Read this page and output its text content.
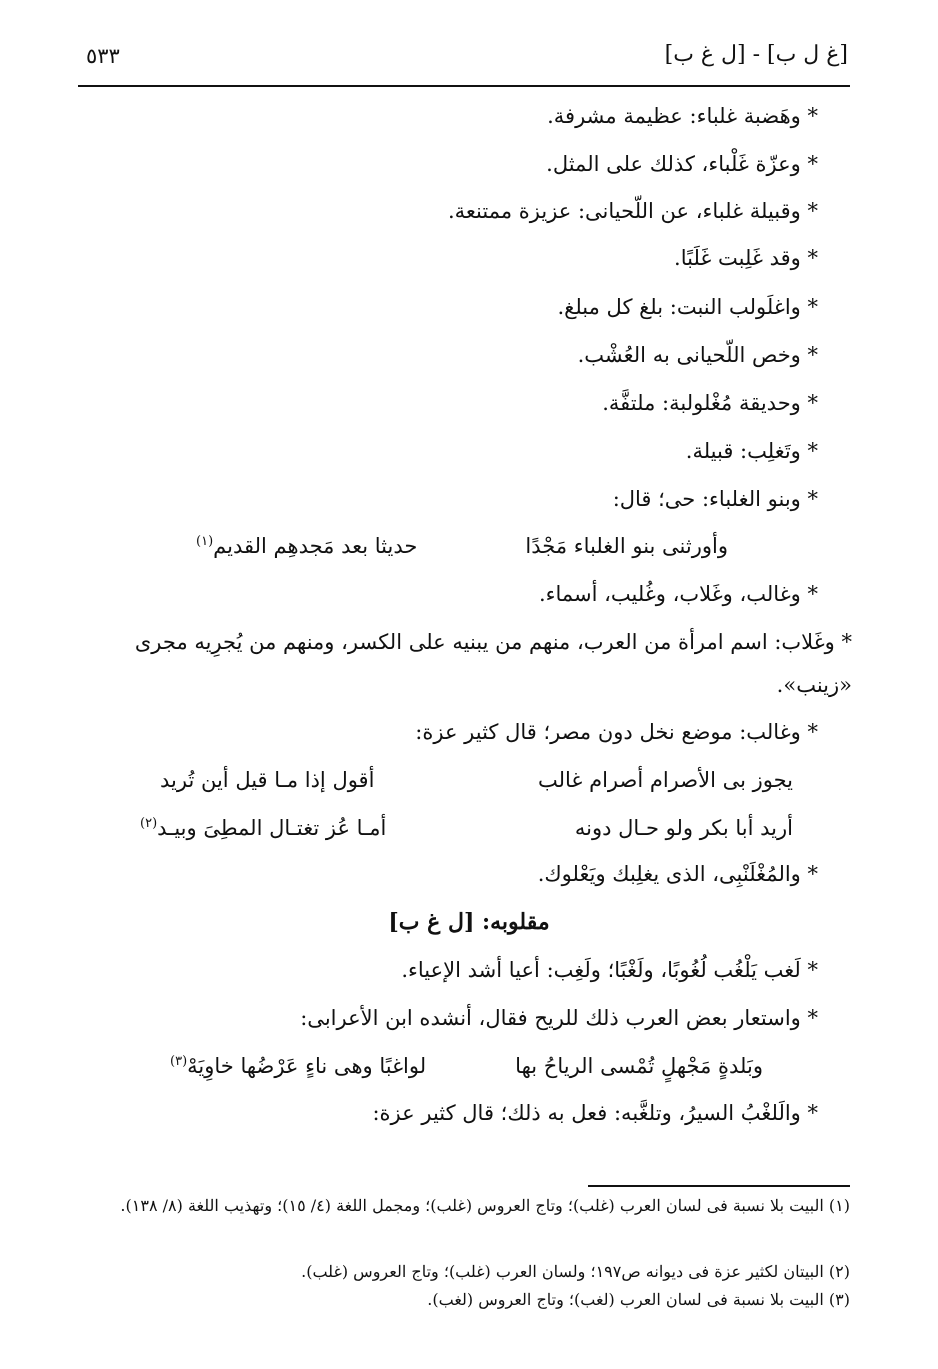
٥٣٣	[غ ل ب] - [ل غ ب]
* وهَضبة غلباء: عظيمة مشرفة.
* وعزّة غَلْباء، كذلك على المثل.
* وقبيلة غلباء، عن اللّحيانى: عزيزة ممتنعة.
* وقد غَلِبت غَلَبًا.
* واغلَولب النبت: بلغ كل مبلغ.
* وخص اللّحيانى به العُشْب.
* وحديقة مُغْلولبة: ملتفَّة.
* وتَغلِب: قبيلة.
* وبنو الغلباء: حى؛ قال:
وأورثنى بنو الغلباء مَجْدًا
حديثا بعد مَجدهِم القديم$^{(١)}$
* وغالب، وغَلاب، وغُليب، أسماء.
* وغَلاب: اسم امرأة من العرب، منهم من يبنيه على الكسر، ومنهم من يُجرِيه مجرى
«زينب».
* وغالب: موضع نخل دون مصر؛ قال كثير عزة:
يجوز بى الأصرام أصرام غالب
أقول إذا مـا قيل أين تُريد
أريد أبا بكر ولو حـال دونه
أمـا عُز تغتـال المطِىَ وبيـد$^{(٢)}$
* والمُغْلَنْبِى، الذى يغلِبك ويَعْلوك.
مقلوبه: [ل غ ب]
* لَغب يَلْغُب لُغُوبًا، ولَغْبًا؛ ولَغِب: أعيا أشد الإعياء.
* واستعار بعض العرب ذلك للريح فقال، أنشده ابن الأعرابى:
وبَلدةٍ مَجْهلٍ تُمْسى الرياحُ بها
لواغبًا وهى ناءٍ عَرْضُها خاوِيَهْ$^{(٣)}$
* والَلغْبُ السيرُ، وتلغَّبه: فعل به ذلك؛ قال كثير عزة:
(١) البيت بلا نسبة فى لسان العرب (غلب)؛ وتاج العروس (غلب)؛ ومجمل اللغة (٤/ ١٥)؛ وتهذيب اللغة (٨/ ١٣٨).
(٢) البيتان لكثير عزة فى ديوانه ص١٩٧؛ ولسان العرب (غلب)؛ وتاج العروس (غلب).
(٣) البيت بلا نسبة فى لسان العرب (لغب)؛ وتاج العروس (لغب).
